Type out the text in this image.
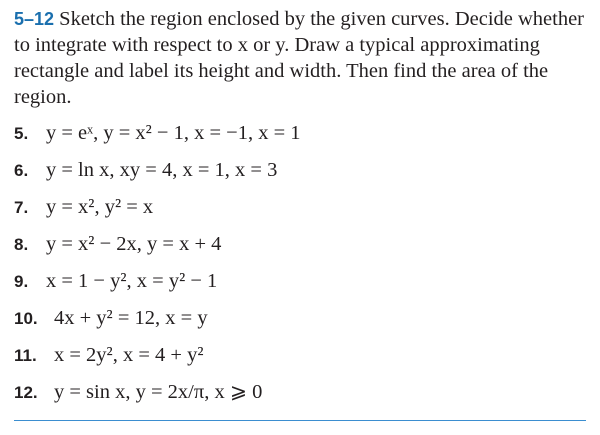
5–12 Sketch the region enclosed by the given curves. Decide whether to integrate with respect to x or y. Draw a typical approximating rectangle and label its height and width. Then find the area of the region.

5. y = eˣ, y = x² − 1, x = −1, x = 1
6. y = ln x, xy = 4, x = 1, x = 3
7. y = x², y² = x
8. y = x² − 2x, y = x + 4
9. x = 1 − y², x = y² − 1
10. 4x + y² = 12, x = y
11. x = 2y², x = 4 + y²
12. y = sin x, y = 2x/π, x ⩾ 0
